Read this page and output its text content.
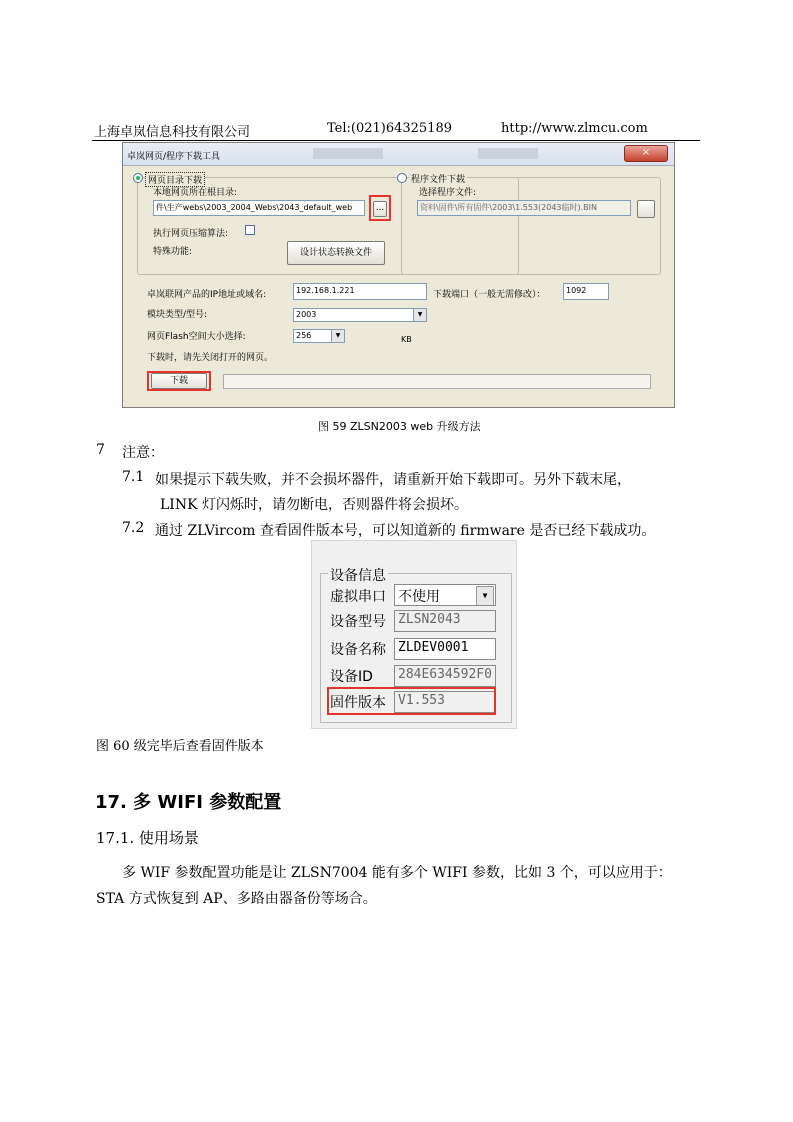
上海卓岚信息科技有限公司	Tel:(021)64325189	http://www.zlmcu.com
卓岚网页/程序下载工具	×
网页目录下载
本地网页所在根目录:
件\生产webs\2003_2004_Webs\2043_default_web	...
执行网页压缩算法:
特殊功能:	设计状态转换文件
程序文件下载
选择程序文件:
资料\固件\所有固件\2003\1.553(2043临时).BIN
卓岚联网产品的IP地址或域名:	192.168.1.221	下载端口（一般无需修改）：	1092
模块类型/型号:	2003	▼
网页Flash空间大小选择:	256	▼	KB
下载时，请先关闭打开的网页。
下载
图 59 ZLSN2003 web 升级方法
7 注意：
7.1 如果提示下载失败，并不会损坏器件，请重新开始下载即可。另外下载末尾，
LINK 灯闪烁时，请勿断电，否则器件将会损坏。
7.2 通过 ZLVircom 查看固件版本号，可以知道新的 firmware 是否已经下载成功。
设备信息
虚拟串口 不使用	▼
设备型号 ZLSN2043
设备名称 ZLDEV0001
设备ID	284E634592F0
固件版本 V1.553
图 60 级完毕后查看固件版本
17. 多 WIFI 参数配置
17.1. 使用场景
多 WIF 参数配置功能是让 ZLSN7004 能有多个 WIFI 参数，比如 3 个，可以应用于：
STA 方式恢复到 AP、多路由器备份等场合。
